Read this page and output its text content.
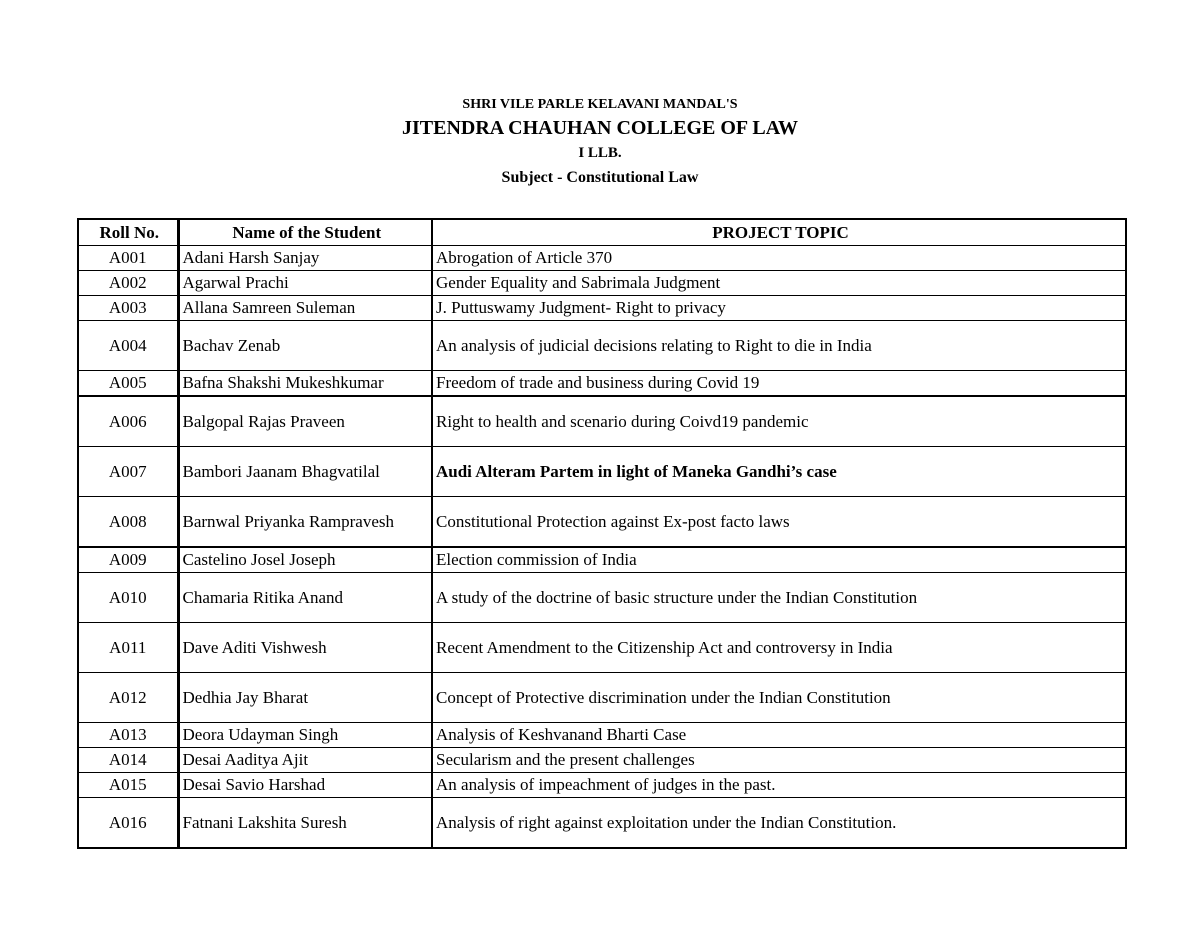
SHRI VILE PARLE KELAVANI MANDAL'S
JITENDRA CHAUHAN COLLEGE OF LAW
I LLB.
Subject - Constitutional Law
Roll No.	Name of the Student	PROJECT TOPIC
A001	Adani Harsh Sanjay	Abrogation of Article 370
A002	Agarwal Prachi	Gender Equality and Sabrimala Judgment
A003	Allana Samreen Suleman	J. Puttuswamy Judgment- Right to privacy
A004	Bachav Zenab	An analysis of judicial decisions relating to Right to die in India
A005	Bafna Shakshi Mukeshkumar	Freedom of trade and business during Covid 19
A006	Balgopal Rajas Praveen	Right to health and scenario during Coivd19 pandemic
A007	Bambori Jaanam Bhagvatilal	Audi Alteram Partem in light of Maneka Gandhi’s case
A008	Barnwal Priyanka Rampravesh	Constitutional Protection against Ex-post facto laws
A009	Castelino Josel Joseph	Election commission of India
A010	Chamaria Ritika Anand	A study of the doctrine of basic structure under the Indian Constitution
A011	Dave Aditi Vishwesh	Recent Amendment to the Citizenship Act and controversy in India
A012	Dedhia Jay Bharat	Concept of Protective discrimination under the Indian Constitution
A013	Deora Udayman Singh	Analysis of Keshvanand Bharti Case
A014	Desai Aaditya Ajit	Secularism and the present challenges
A015	Desai Savio Harshad	An analysis of impeachment of judges in the past.
A016	Fatnani Lakshita Suresh	Analysis of right against exploitation under the Indian Constitution.
